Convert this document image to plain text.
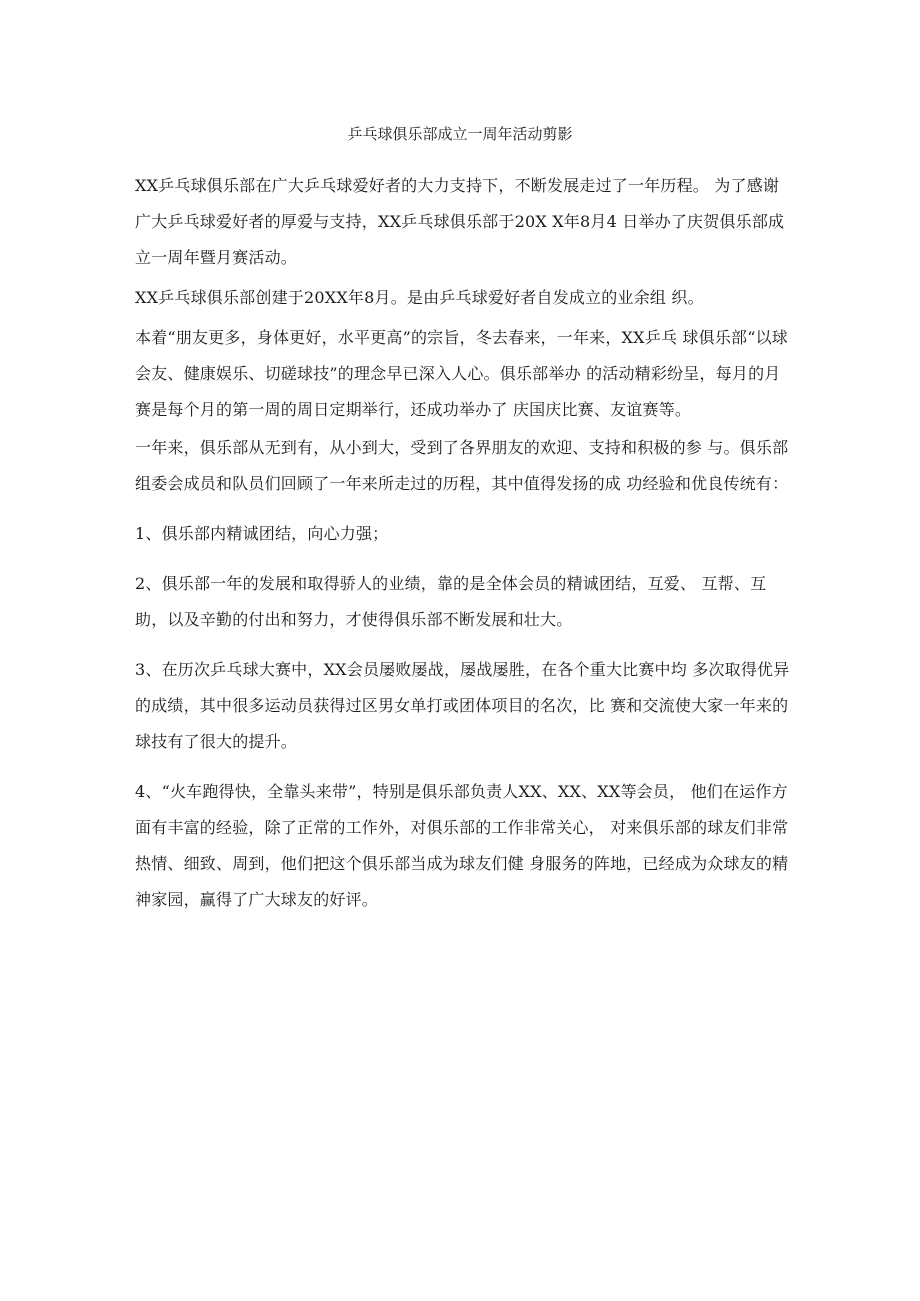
乒乓球俱乐部成立一周年活动剪影

XX乒乓球俱乐部在广大乒乓球爱好者的大力支持下，不断发展走过了一年历程。 为了感谢广大乒乓球爱好者的厚爱与支持，XX乒乓球俱乐部于20X X年8月4 日举办了庆贺俱乐部成立一周年暨月赛活动。

XX乒乓球俱乐部创建于20XX年8月。是由乒乓球爱好者自发成立的业余组 织。

本着“朋友更多，身体更好，水平更高”的宗旨，冬去春来，一年来，XX乒乓 球俱乐部“以球会友、健康娱乐、切磋球技”的理念早已深入人心。俱乐部举办 的活动精彩纷呈，每月的月赛是每个月的第一周的周日定期举行，还成功举办了 庆国庆比赛、友谊赛等。

一年来，俱乐部从无到有，从小到大，受到了各界朋友的欢迎、支持和积极的参 与。俱乐部组委会成员和队员们回顾了一年来所走过的历程，其中值得发扬的成 功经验和优良传统有：

1、俱乐部内精诚团结，向心力强；

2、俱乐部一年的发展和取得骄人的业绩，靠的是全体会员的精诚团结，互爱、 互帮、互助，以及辛勤的付出和努力，才使得俱乐部不断发展和壮大。

3、在历次乒乓球大赛中，XX会员屡败屡战，屡战屡胜，在各个重大比赛中均 多次取得优异的成绩，其中很多运动员获得过区男女单打或团体项目的名次，比 赛和交流使大家一年来的球技有了很大的提升。

4、“火车跑得快，全靠头来带”，特别是俱乐部负责人XX、XX、XX等会员， 他们在运作方面有丰富的经验，除了正常的工作外，对俱乐部的工作非常关心， 对来俱乐部的球友们非常热情、细致、周到，他们把这个俱乐部当成为球友们健 身服务的阵地，已经成为众球友的精神家园，赢得了广大球友的好评。
